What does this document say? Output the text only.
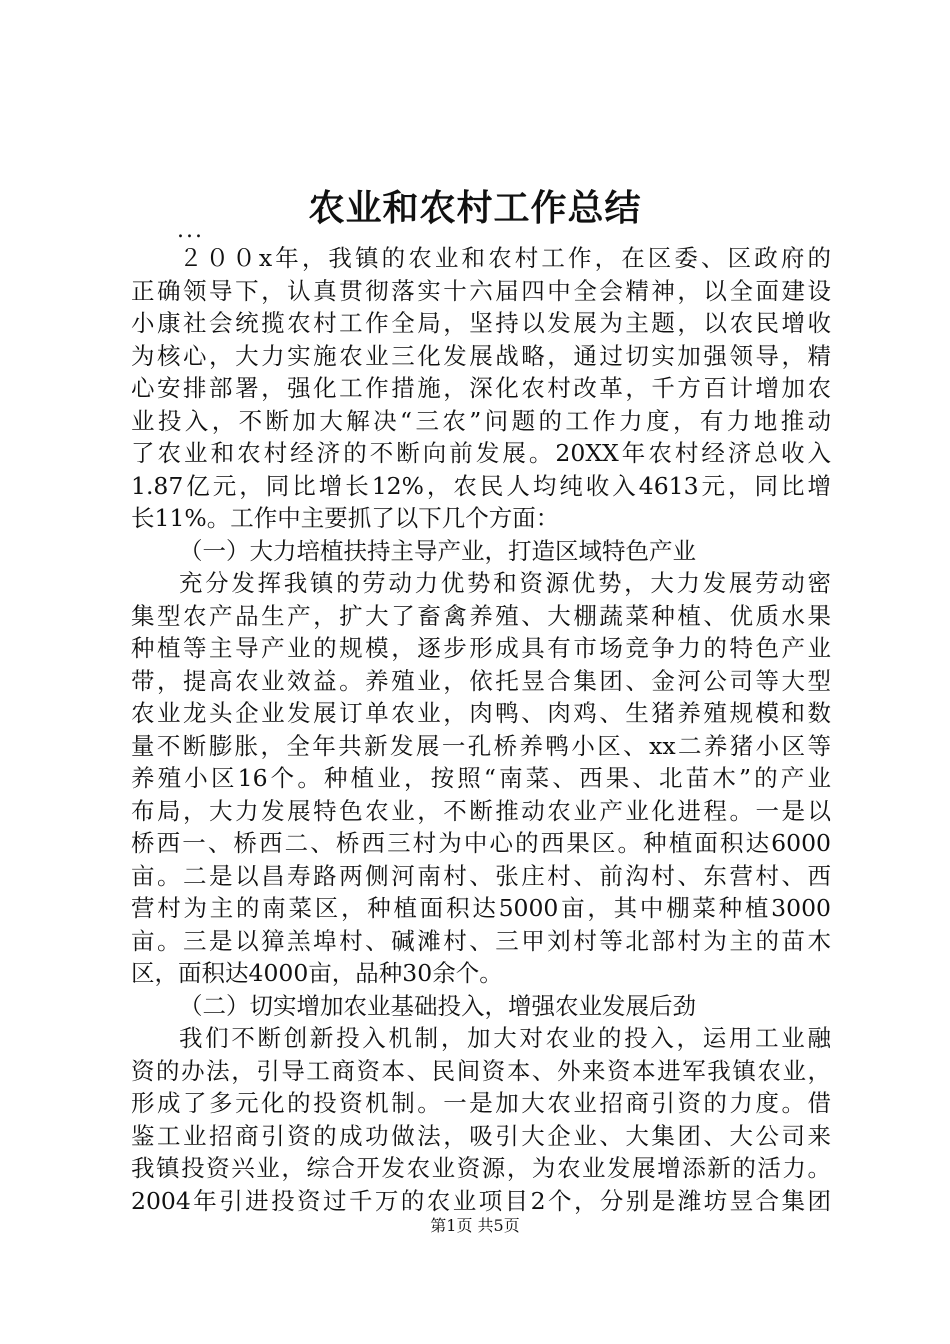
农业和农村工作总结
...
２００x年，我镇的农业和农村工作，在区委、区政府的
正确领导下，认真贯彻落实十六届四中全会精神，以全面建设
小康社会统揽农村工作全局，坚持以发展为主题，以农民增收
为核心，大力实施农业三化发展战略，通过切实加强领导，精
心安排部署，强化工作措施，深化农村改革，千方百计增加农
业投入，不断加大解决“三农”问题的工作力度，有力地推动
了农业和农村经济的不断向前发展。20XX年农村经济总收入
1.87亿元，同比增长12%，农民人均纯收入4613元，同比增
长11%。工作中主要抓了以下几个方面：
（一）大力培植扶持主导产业，打造区域特色产业
充分发挥我镇的劳动力优势和资源优势，大力发展劳动密
集型农产品生产，扩大了畜禽养殖、大棚蔬菜种植、优质水果
种植等主导产业的规模，逐步形成具有市场竞争力的特色产业
带，提高农业效益。养殖业，依托昱合集团、金河公司等大型
农业龙头企业发展订单农业，肉鸭、肉鸡、生猪养殖规模和数
量不断膨胀，全年共新发展一孔桥养鸭小区、xx二养猪小区等
养殖小区16个。种植业，按照“南菜、西果、北苗木”的产业
布局，大力发展特色农业，不断推动农业产业化进程。一是以
桥西一、桥西二、桥西三村为中心的西果区。种植面积达6000
亩。二是以昌寿路两侧河南村、张庄村、前沟村、东营村、西
营村为主的南菜区，种植面积达5000亩，其中棚菜种植3000
亩。三是以獐羔埠村、碱滩村、三甲刘村等北部村为主的苗木
区，面积达4000亩，品种30余个。
（二）切实增加农业基础投入，增强农业发展后劲
我们不断创新投入机制，加大对农业的投入，运用工业融
资的办法，引导工商资本、民间资本、外来资本进军我镇农业，
形成了多元化的投资机制。一是加大农业招商引资的力度。借
鉴工业招商引资的成功做法，吸引大企业、大集团、大公司来
我镇投资兴业，综合开发农业资源，为农业发展增添新的活力。
2004年引进投资过千万的农业项目2个，分别是潍坊昱合集团
第1页 共5页
